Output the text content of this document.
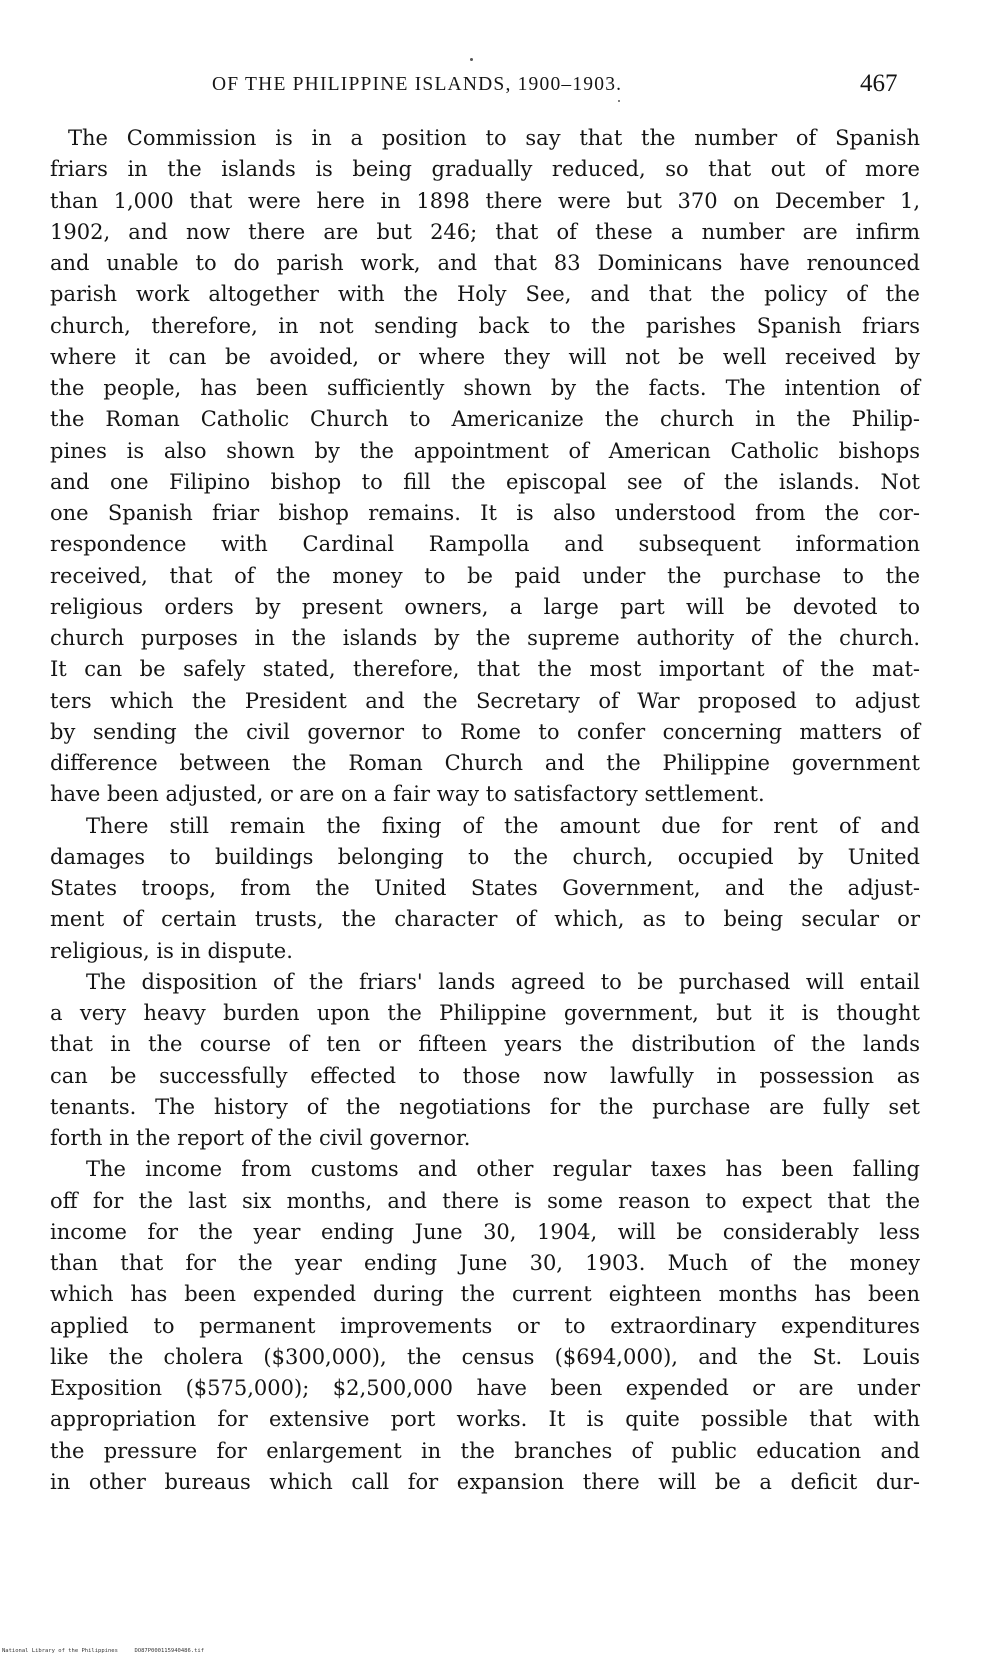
OF THE PHILIPPINE ISLANDS, 1900–1903.	467
The Commission is in a position to say that the number of Spanish
friars in the islands is being gradually reduced, so that out of more
than 1,000 that were here in 1898 there were but 370 on December 1,
1902, and now there are but 246; that of these a number are infirm
and unable to do parish work, and that 83 Dominicans have renounced
parish work altogether with the Holy See, and that the policy of the
church, therefore, in not sending back to the parishes Spanish friars
where it can be avoided, or where they will not be well received by
the people, has been sufficiently shown by the facts. The intention of
the Roman Catholic Church to Americanize the church in the Philip-
pines is also shown by the appointment of American Catholic bishops
and one Filipino bishop to fill the episcopal see of the islands. Not
one Spanish friar bishop remains. It is also understood from the cor-
respondence with Cardinal Rampolla and subsequent information
received, that of the money to be paid under the purchase to the
religious orders by present owners, a large part will be devoted to
church purposes in the islands by the supreme authority of the church.
It can be safely stated, therefore, that the most important of the mat-
ters which the President and the Secretary of War proposed to adjust
by sending the civil governor to Rome to confer concerning matters of
difference between the Roman Church and the Philippine government
have been adjusted, or are on a fair way to satisfactory settlement.
There still remain the fixing of the amount due for rent of and
damages to buildings belonging to the church, occupied by United
States troops, from the United States Government, and the adjust-
ment of certain trusts, the character of which, as to being secular or
religious, is in dispute.
The disposition of the friars' lands agreed to be purchased will entail
a very heavy burden upon the Philippine government, but it is thought
that in the course of ten or fifteen years the distribution of the lands
can be successfully effected to those now lawfully in possession as
tenants. The history of the negotiations for the purchase are fully set
forth in the report of the civil governor.
The income from customs and other regular taxes has been falling
off for the last six months, and there is some reason to expect that the
income for the year ending June 30, 1904, will be considerably less
than that for the year ending June 30, 1903. Much of the money
which has been expended during the current eighteen months has been
applied to permanent improvements or to extraordinary expenditures
like the cholera ($300,000), the census ($694,000), and the St. Louis
Exposition ($575,000); $2,500,000 have been expended or are under
appropriation for extensive port works. It is quite possible that with
the pressure for enlargement in the branches of public education and
in other bureaus which call for expansion there will be a deficit dur-
National Library of the Philippines	DO87P000115940486.tif
